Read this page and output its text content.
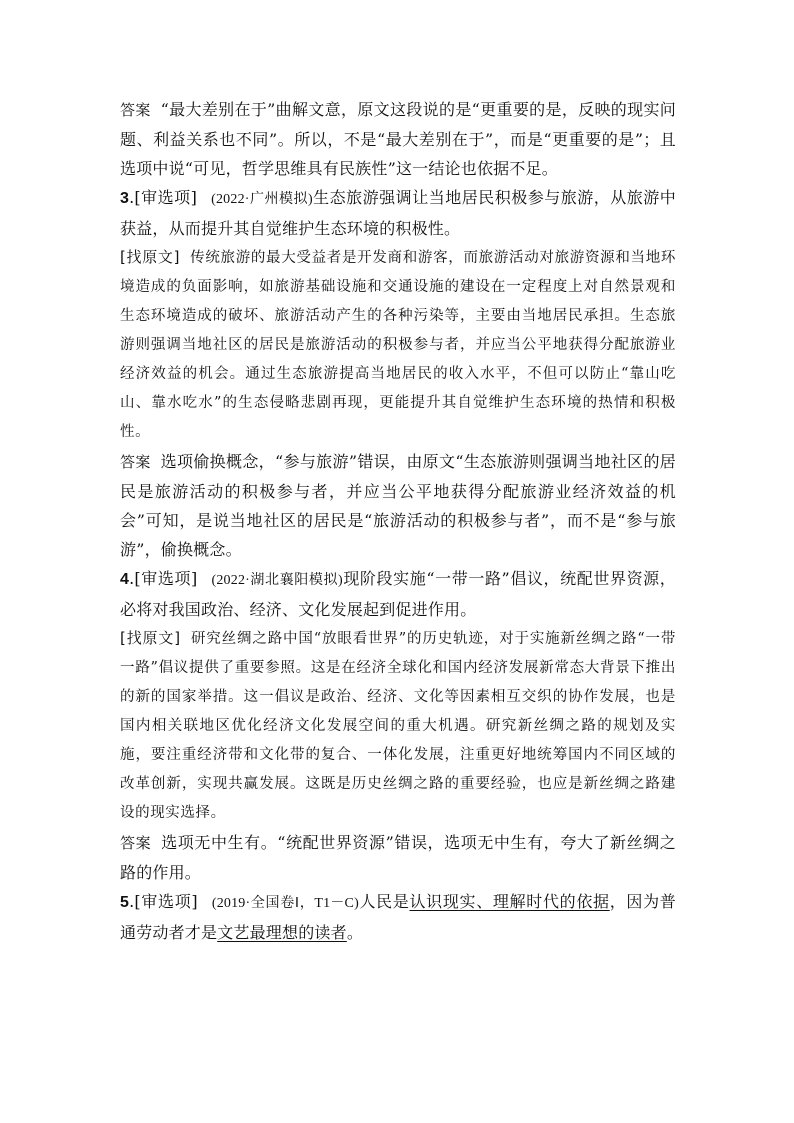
答案 “最大差别在于”曲解文意，原文这段说的是“更重要的是，反映的现实问题、利益关系也不同”。所以，不是“最大差别在于”，而是“更重要的是”；且选项中说“可见，哲学思维具有民族性”这一结论也依据不足。

3.[审选项] (2022·广州模拟)生态旅游强调让当地居民积极参与旅游，从旅游中获益，从而提升其自觉维护生态环境的积极性。

[找原文] 传统旅游的最大受益者是开发商和游客，而旅游活动对旅游资源和当地环境造成的负面影响，如旅游基础设施和交通设施的建设在一定程度上对自然景观和生态环境造成的破坏、旅游活动产生的各种污染等，主要由当地居民承担。生态旅游则强调当地社区的居民是旅游活动的积极参与者，并应当公平地获得分配旅游业经济效益的机会。通过生态旅游提高当地居民的收入水平，不但可以防止“靠山吃山、靠水吃水”的生态侵略悲剧再现，更能提升其自觉维护生态环境的热情和积极性。

答案 选项偷换概念，“参与旅游”错误，由原文“生态旅游则强调当地社区的居民是旅游活动的积极参与者，并应当公平地获得分配旅游业经济效益的机会”可知，是说当地社区的居民是“旅游活动的积极参与者”，而不是“参与旅游”，偷换概念。

4.[审选项] (2022·湖北襄阳模拟)现阶段实施“一带一路”倡议，统配世界资源，必将对我国政治、经济、文化发展起到促进作用。

[找原文] 研究丝绸之路中国“放眼看世界”的历史轨迹，对于实施新丝绸之路“一带一路”倡议提供了重要参照。这是在经济全球化和国内经济发展新常态大背景下推出的新的国家举措。这一倡议是政治、经济、文化等因素相互交织的协作发展，也是国内相关联地区优化经济文化发展空间的重大机遇。研究新丝绸之路的规划及实施，要注重经济带和文化带的复合、一体化发展，注重更好地统筹国内不同区域的改革创新，实现共赢发展。这既是历史丝绸之路的重要经验，也应是新丝绸之路建设的现实选择。

答案 选项无中生有。“统配世界资源”错误，选项无中生有，夸大了新丝绸之路的作用。

5.[审选项] (2019·全国卷Ⅰ，T1－C)人民是认识现实、理解时代的依据，因为普通劳动者才是文艺最理想的读者。
